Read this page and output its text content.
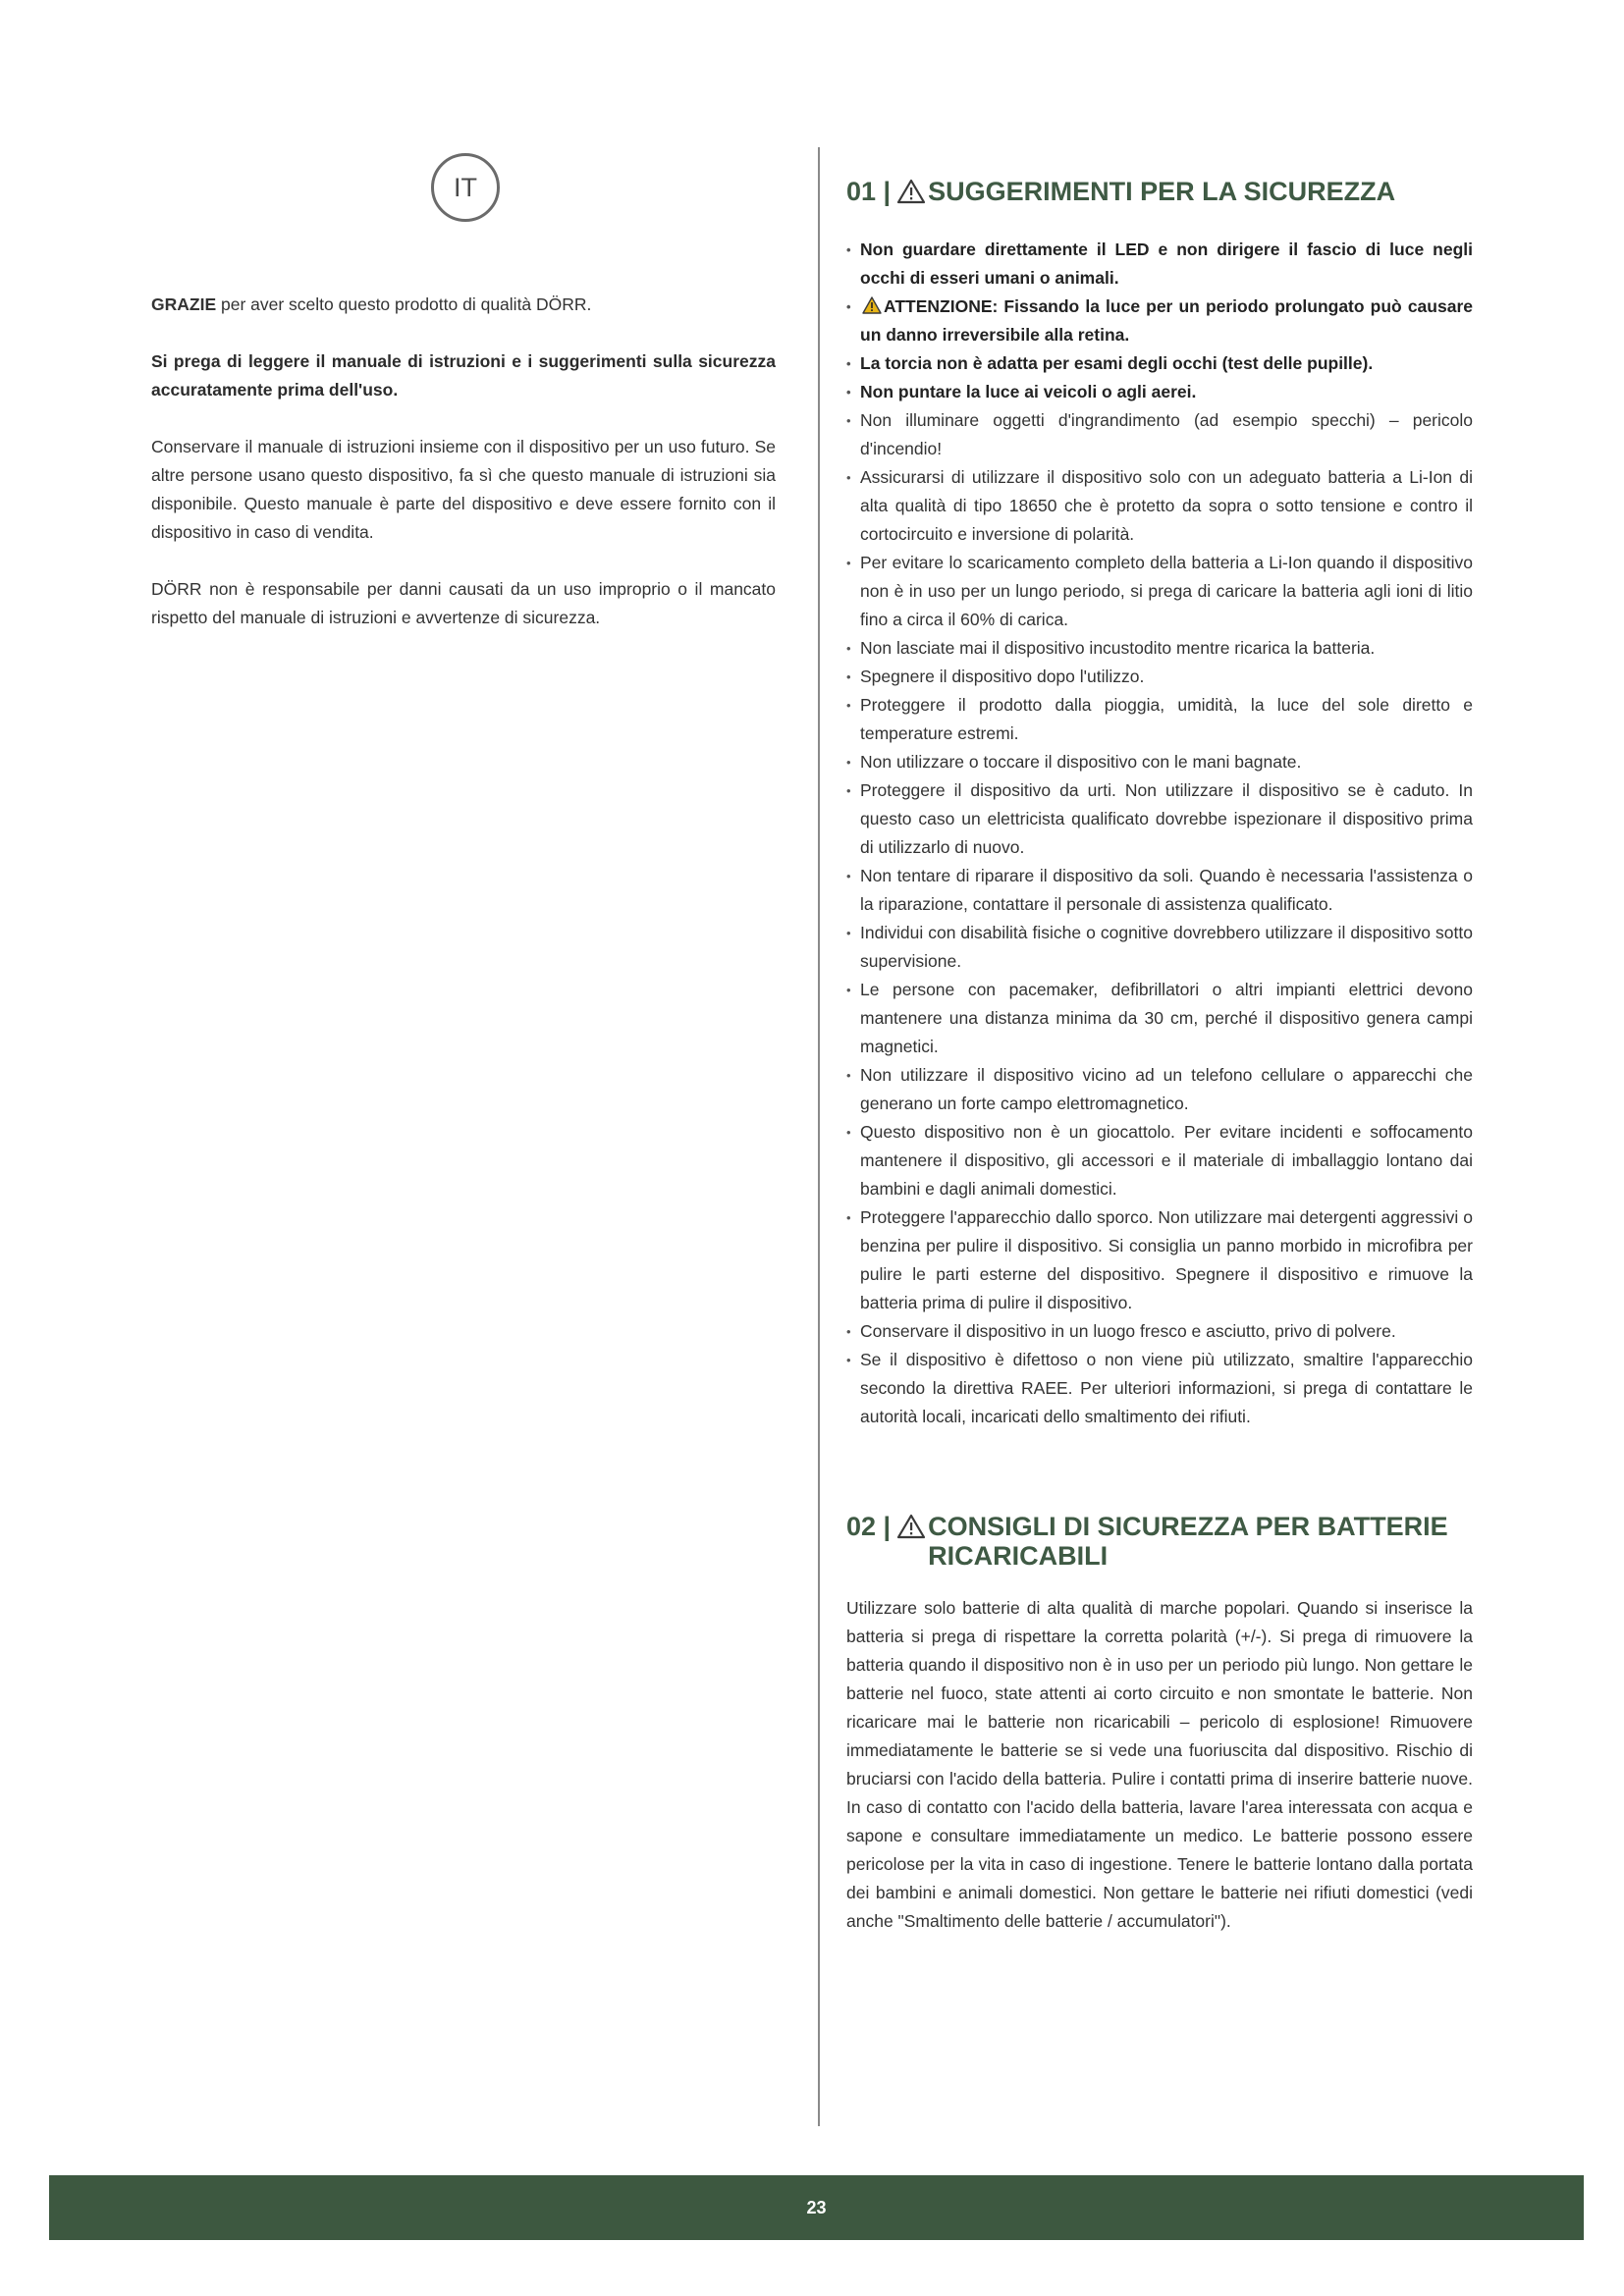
IT

GRAZIE per aver scelto questo prodotto di qualità DÖRR.

Si prega di leggere il manuale di istruzioni e i suggerimenti sulla sicurezza accuratamente prima dell'uso.

Conservare il manuale di istruzioni insieme con il dispositivo per un uso futuro. Se altre persone usano questo dispositivo, fa sì che questo manuale di istruzioni sia disponibile. Questo manuale è parte del dispositivo e deve essere fornito con il dispositivo in caso di vendita.

DÖRR non è responsabile per danni causati da un uso improprio o il mancato rispetto del manuale di istruzioni e avvertenze di sicurezza.

01 | SUGGERIMENTI PER LA SICUREZZA
• Non guardare direttamente il LED e non dirigere il fascio di luce negli occhi di esseri umani o animali.
• ATTENZIONE: Fissando la luce per un periodo prolungato può causare un danno irreversibile alla retina.
• La torcia non è adatta per esami degli occhi (test delle pupille).
• Non puntare la luce ai veicoli o agli aerei.
• Non illuminare oggetti d'ingrandimento (ad esempio specchi) – pericolo d'incendio!
• Assicurarsi di utilizzare il dispositivo solo con un adeguato batteria a Li-Ion di alta qualità di tipo 18650 che è protetto da sopra o sotto tensione e contro il cortocircuito e inversione di polarità.
• Per evitare lo scaricamento completo della batteria a Li-Ion quando il dispositivo non è in uso per un lungo periodo, si prega di caricare la batteria agli ioni di litio fino a circa il 60% di carica.
• Non lasciate mai il dispositivo incustodito mentre ricarica la batteria.
• Spegnere il dispositivo dopo l'utilizzo.
• Proteggere il prodotto dalla pioggia, umidità, la luce del sole diretto e temperature estremi.
• Non utilizzare o toccare il dispositivo con le mani bagnate.
• Proteggere il dispositivo da urti. Non utilizzare il dispositivo se è caduto. In questo caso un elettricista qualificato dovrebbe ispezionare il dispositivo prima di utilizzarlo di nuovo.
• Non tentare di riparare il dispositivo da soli. Quando è necessaria l'assistenza o la riparazione, contattare il personale di assistenza qualificato.
• Individui con disabilità fisiche o cognitive dovrebbero utilizzare il dispositivo sotto supervisione.
• Le persone con pacemaker, defibrillatori o altri impianti elettrici devono mantenere una distanza minima da 30 cm, perché il dispositivo genera campi magnetici.
• Non utilizzare il dispositivo vicino ad un telefono cellulare o apparecchi che generano un forte campo elettromagnetico.
• Questo dispositivo non è un giocattolo. Per evitare incidenti e soffocamento mantenere il dispositivo, gli accessori e il materiale di imballaggio lontano dai bambini e dagli animali domestici.
• Proteggere l'apparecchio dallo sporco. Non utilizzare mai detergenti aggressivi o benzina per pulire il dispositivo. Si consiglia un panno morbido in microfibra per pulire le parti esterne del dispositivo. Spegnere il dispositivo e rimuove la batteria prima di pulire il dispositivo.
• Conservare il dispositivo in un luogo fresco e asciutto, privo di polvere.
• Se il dispositivo è difettoso o non viene più utilizzato, smaltire l'apparecchio secondo la direttiva RAEE. Per ulteriori informazioni, si prega di contattare le autorità locali, incaricati dello smaltimento dei rifiuti.
02 | CONSIGLI DI SICUREZZA PER BATTERIE
RICARICABILI

Utilizzare solo batterie di alta qualità di marche popolari. Quando si inserisce la batteria si prega di rispettare la corretta polarità (+/-). Si prega di rimuovere la batteria quando il dispositivo non è in uso per un periodo più lungo. Non gettare le batterie nel fuoco, state attenti ai corto circuito e non smontate le batterie. Non ricaricare mai le batterie non ricaricabili – pericolo di esplosione! Rimuovere immediatamente le batterie se si vede una fuoriuscita dal dispositivo. Rischio di bruciarsi con l'acido della batteria. Pulire i contatti prima di inserire batterie nuove. In caso di contatto con l'acido della batteria, lavare l'area interessata con acqua e sapone e consultare immediatamente un medico. Le batterie possono essere pericolose per la vita in caso di ingestione. Tenere le batterie lontano dalla portata dei bambini e animali domestici. Non gettare le batterie nei rifiuti domestici (vedi anche "Smaltimento delle batterie / accumulatori").

23
